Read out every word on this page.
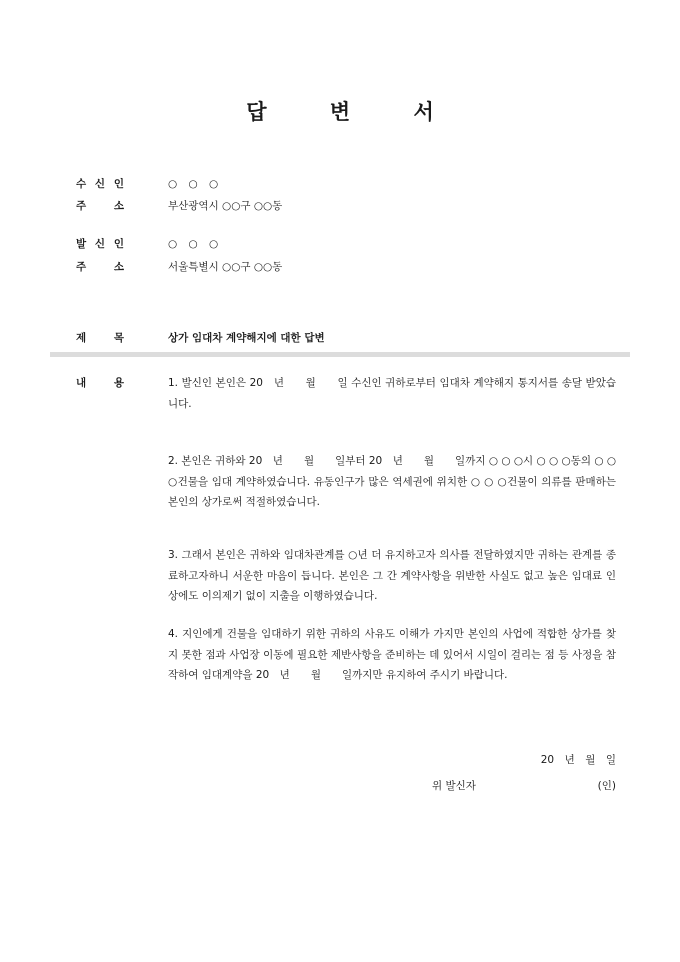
답 변 서
수 신 인	○ ○ ○
주	소	부산광역시 ○○구 ○○동
발 신 인	○ ○ ○
주	소	서울특별시 ○○구 ○○동
제	목	상가 임대차 계약해지에 대한 답변
내	용	1. 발신인 본인은 20　년　　월　　일 수신인 귀하로부터 임대차 계약해지 통지서를 송달 받았습니다.
2. 본인은 귀하와 20　년　　월　　일부터 20　년　　월　　일까지 ○ ○ ○시 ○ ○ ○동의 ○ ○ ○건물을 임대 계약하였습니다. 유동인구가 많은 역세권에 위치한 ○ ○ ○건물이 의류를 판매하는 본인의 상가로써 적절하였습니다.
3. 그래서 본인은 귀하와 임대차관계를 ○년 더 유지하고자 의사를 전달하였지만 귀하는 관계를 종료하고자하니 서운한 마음이 듭니다. 본인은 그 간 계약사항을 위반한 사실도 없고 높은 임대료 인상에도 이의제기 없이 지출을 이행하였습니다.
4. 지인에게 건물을 임대하기 위한 귀하의 사유도 이해가 가지만 본인의 사업에 적합한 상가를 찾지 못한 점과 사업장 이동에 필요한 제반사항을 준비하는 데 있어서 시일이 걸리는 점 등 사정을 참작하여 임대계약을 20　년　　월　　일까지만 유지하여 주시기 바랍니다.
20　년　월　일
위 발신자	(인)
